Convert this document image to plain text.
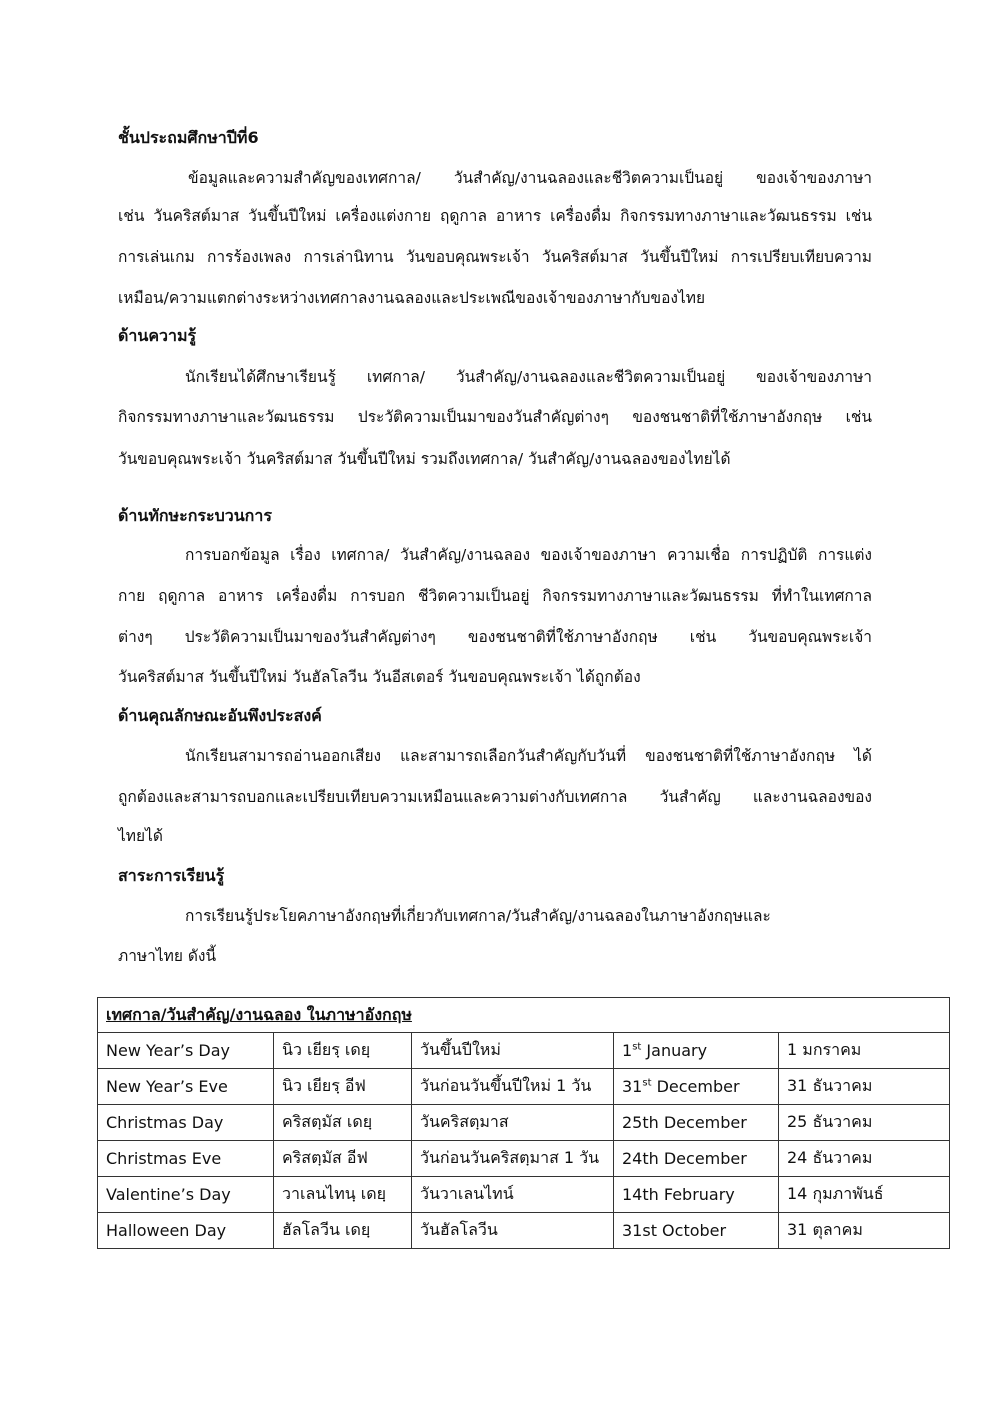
ชั้นประถมศึกษาปีที่6
ข้อมูลและความสำคัญของเทศกาล/ วันสำคัญ/งานฉลองและชีวิตความเป็นอยู่ ของเจ้าของภาษา
เช่น วันคริสต์มาส วันขึ้นปีใหม่ เครื่องแต่งกาย ฤดูกาล อาหาร เครื่องดื่ม กิจกรรมทางภาษาและวัฒนธรรม เช่น
การเล่นเกม การร้องเพลง การเล่านิทาน วันขอบคุณพระเจ้า วันคริสต์มาส วันขึ้นปีใหม่ การเปรียบเทียบความ
เหมือน/ความแตกต่างระหว่างเทศกาลงานฉลองและประเพณีของเจ้าของภาษากับของไทย
ด้านความรู้
นักเรียนได้ศึกษาเรียนรู้ เทศกาล/ วันสำคัญ/งานฉลองและชีวิตความเป็นอยู่ ของเจ้าของภาษา
กิจกรรมทางภาษาและวัฒนธรรม ประวัติความเป็นมาของวันสำคัญต่างๆ ของชนชาติที่ใช้ภาษาอังกฤษ เช่น
วันขอบคุณพระเจ้า วันคริสต์มาส วันขึ้นปีใหม่ รวมถึงเทศกาล/ วันสำคัญ/งานฉลองของไทยได้
ด้านทักษะกระบวนการ
การบอกข้อมูล เรื่อง เทศกาล/ วันสำคัญ/งานฉลอง ของเจ้าของภาษา ความเชื่อ การปฏิบัติ การแต่ง
กาย ฤดูกาล อาหาร เครื่องดื่ม การบอก ชีวิตความเป็นอยู่ กิจกรรมทางภาษาและวัฒนธรรม ที่ทำในเทศกาล
ต่างๆ ประวัติความเป็นมาของวันสำคัญต่างๆ ของชนชาติที่ใช้ภาษาอังกฤษ เช่น วันขอบคุณพระเจ้า
วันคริสต์มาส วันขึ้นปีใหม่ วันฮัลโลวีน วันอีสเตอร์ วันขอบคุณพระเจ้า ได้ถูกต้อง
ด้านคุณลักษณะอันพึงประสงค์
นักเรียนสามารถอ่านออกเสียง และสามารถเลือกวันสำคัญกับวันที่ ของชนชาติที่ใช้ภาษาอังกฤษ ได้
ถูกต้องและสามารถบอกและเปรียบเทียบความเหมือนและความต่างกับเทศกาล วันสำคัญ และงานฉลองของ
ไทยได้
สาระการเรียนรู้
การเรียนรู้ประโยคภาษาอังกฤษที่เกี่ยวกับเทศกาล/วันสำคัญ/งานฉลองในภาษาอังกฤษและ
ภาษาไทย ดังนี้
เทศกาล/วันสำคัญ/งานฉลอง ในภาษาอังกฤษ				
New Year’s Day	นิว เยียรฺ เดยฺ	วันขึ้นปีใหม่	1st January	1 มกราคม
New Year’s Eve	นิว เยียรฺ อีฟ	วันก่อนวันขึ้นปีใหม่ 1 วัน	31st December	31 ธันวาคม
Christmas Day	คริสตฺมัส เดยฺ	วันคริสตฺมาส	25th December	25 ธันวาคม
Christmas Eve	คริสตฺมัส อีฟ	วันก่อนวันคริสตฺมาส 1 วัน	24th December	24 ธันวาคม
Valentine’s Day	วาเลนไทนฺ เดยฺ	วันวาเลนไทน์	14th February	14 กุมภาพันธ์
Halloween Day	ฮัลโลวีน เดยฺ	วันฮัลโลวีน	31st October	31 ตุลาคม
